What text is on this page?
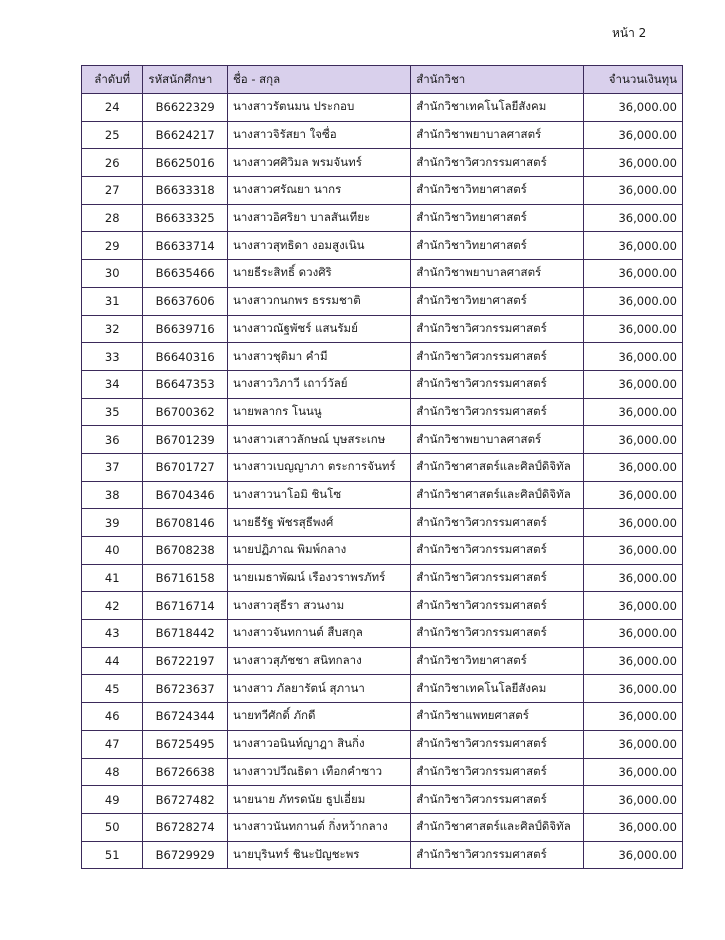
หน้า 2
ลำดับที่	รหัสนักศึกษา	ชื่อ - สกุล	สำนักวิชา	จำนวนเงินทุน
24	B6622329	นางสาวรัตนมน ประกอบ	สำนักวิชาเทคโนโลยีสังคม	36,000.00
25	B6624217	นางสาวจิรัสยา ใจซื่อ	สำนักวิชาพยาบาลศาสตร์	36,000.00
26	B6625016	นางสาวศศิวิมล พรมจันทร์	สำนักวิชาวิศวกรรมศาสตร์	36,000.00
27	B6633318	นางสาวศรัณยา นากร	สำนักวิชาวิทยาศาสตร์	36,000.00
28	B6633325	นางสาวอิศริยา บาลสันเทียะ	สำนักวิชาวิทยาศาสตร์	36,000.00
29	B6633714	นางสาวสุทธิดา งอมสูงเนิน	สำนักวิชาวิทยาศาสตร์	36,000.00
30	B6635466	นายธีระสิทธิ์ ดวงศิริ	สำนักวิชาพยาบาลศาสตร์	36,000.00
31	B6637606	นางสาวกนกพร ธรรมชาติ	สำนักวิชาวิทยาศาสตร์	36,000.00
32	B6639716	นางสาวณัฐพัชร์ แสนรัมย์	สำนักวิชาวิศวกรรมศาสตร์	36,000.00
33	B6640316	นางสาวชุติมา คำมี	สำนักวิชาวิศวกรรมศาสตร์	36,000.00
34	B6647353	นางสาววิภาวี เถาว์วัลย์	สำนักวิชาวิศวกรรมศาสตร์	36,000.00
35	B6700362	นายพลากร โนนนู	สำนักวิชาวิศวกรรมศาสตร์	36,000.00
36	B6701239	นางสาวเสาวลักษณ์ บุษสระเกษ	สำนักวิชาพยาบาลศาสตร์	36,000.00
37	B6701727	นางสาวเบญญาภา ตระการจันทร์	สำนักวิชาศาสตร์และศิลป์ดิจิทัล	36,000.00
38	B6704346	นางสาวนาโอมิ ชินโซ	สำนักวิชาศาสตร์และศิลป์ดิจิทัล	36,000.00
39	B6708146	นายธีรัฐ พัชรสุธีพงศ์	สำนักวิชาวิศวกรรมศาสตร์	36,000.00
40	B6708238	นายปฏิภาณ พิมพ์กลาง	สำนักวิชาวิศวกรรมศาสตร์	36,000.00
41	B6716158	นายเมธาพัฒน์ เรืองวราพรภัทร์	สำนักวิชาวิศวกรรมศาสตร์	36,000.00
42	B6716714	นางสาวสุธีรา สวนงาม	สำนักวิชาวิศวกรรมศาสตร์	36,000.00
43	B6718442	นางสาวจันทกานต์ สืบสกุล	สำนักวิชาวิศวกรรมศาสตร์	36,000.00
44	B6722197	นางสาวสุภัชชา สนิทกลาง	สำนักวิชาวิทยาศาสตร์	36,000.00
45	B6723637	นางสาว ภัลยารัตน์ สุภานา	สำนักวิชาเทคโนโลยีสังคม	36,000.00
46	B6724344	นายทวีศักดิ์ ภักดี	สำนักวิชาแพทยศาสตร์	36,000.00
47	B6725495	นางสาวอนินท์ญาฎา สินกิ่ง	สำนักวิชาวิศวกรรมศาสตร์	36,000.00
48	B6726638	นางสาวปวีณธิดา เทือกคำซาว	สำนักวิชาวิศวกรรมศาสตร์	36,000.00
49	B6727482	นายนาย ภัทรดนัย ธูปเอี่ยม	สำนักวิชาวิศวกรรมศาสตร์	36,000.00
50	B6728274	นางสาวนันทกานต์ กิ่งหว้ากลาง	สำนักวิชาศาสตร์และศิลป์ดิจิทัล	36,000.00
51	B6729929	นายบุรินทร์ ชินะปัญชะพร	สำนักวิชาวิศวกรรมศาสตร์	36,000.00
